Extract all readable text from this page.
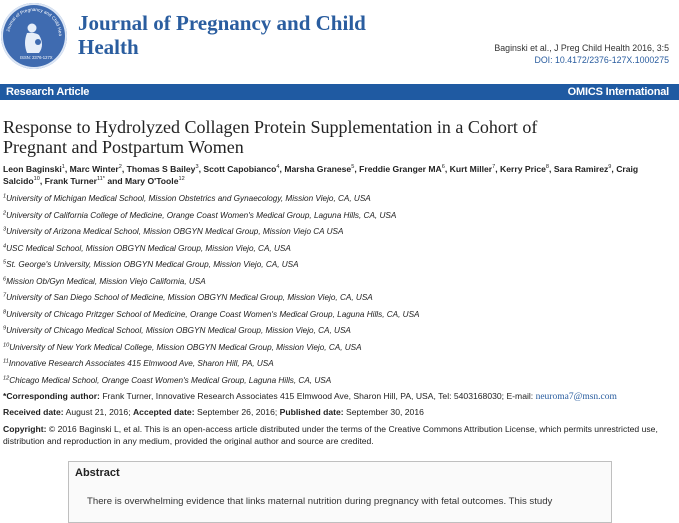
Journal of Pregnancy and Child Hea
ISSN: 2376-127X
Journal of Pregnancy and Child
Health	Baginski et al., J Preg Child Health 2016, 3:5
DOI: 10.4172/2376-127X.1000275
Research Article	OMICS International
Response to Hydrolyzed Collagen Protein Supplementation in a Cohort of
Pregnant and Postpartum Women
Leon Baginski$^1$, Marc Winter$^2$, Thomas S Bailey$^3$, Scott Capobianco$^4$, Marsha Granese$^5$, Freddie Granger $MA^6$, Kurt Miller$^7$, Kerry Price$^8$, Sara Ramirez$^9$, Craig Salcido$^{10}$, Frank Turner$^{11*}$ and Mary O'Toole$^{12}$
$^1$University of Michigan Medical School, Mission Obstetrics and Gynaecology, Mission Viejo, CA, USA
$^2$University of California College of Medicine, Orange Coast Women's Medical Group, Laguna Hills, CA, USA
$^3$University of Arizona Medical School, Mission OBGYN Medical Group, Mission Viejo CA USA
$^4$USC Medical School, Mission OBGYN Medical Group, Mission Viejo, CA, USA
$^5$St. George's University, Mission OBGYN Medical Group, Mission Viejo, CA, USA
$^6$Mission Ob/Gyn Medical, Mission Viejo California, USA
$^7$University of San Diego School of Medicine, Mission OBGYN Medical Group, Mission Viejo, CA, USA
$^8$University of Chicago Pritzger School of Medicine, Orange Coast Women's Medical Group, Laguna Hills, CA, USA
$^9$University of Chicago Medical School, Mission OBGYN Medical Group, Mission Viejo, CA, USA
$^{10}$University of New York Medical College, Mission OBGYN Medical Group, Mission Viejo, CA, USA
$^{11}$Innovative Research Associates 415 Elmwood Ave, Sharon Hill, PA, USA
$^{12}$Chicago Medical School, Orange Coast Women's Medical Group, Laguna Hills, CA, USA
*Corresponding author: Frank Turner, Innovative Research Associates 415 Elmwood Ave, Sharon Hill, PA, USA, Tel: 5403168030; E-mail: neuroma7@msn.com
Received date: August 21, 2016; Accepted date: September 26, 2016; Published date: September 30, 2016
Copyright: © 2016 Baginski L, et al. This is an open-access article distributed under the terms of the Creative Commons Attribution License, which permits unrestricted use, distribution and reproduction in any medium, provided the original author and source are credited.
Abstract
There is overwhelming evidence that links maternal nutrition during pregnancy with fetal outcomes. This study
